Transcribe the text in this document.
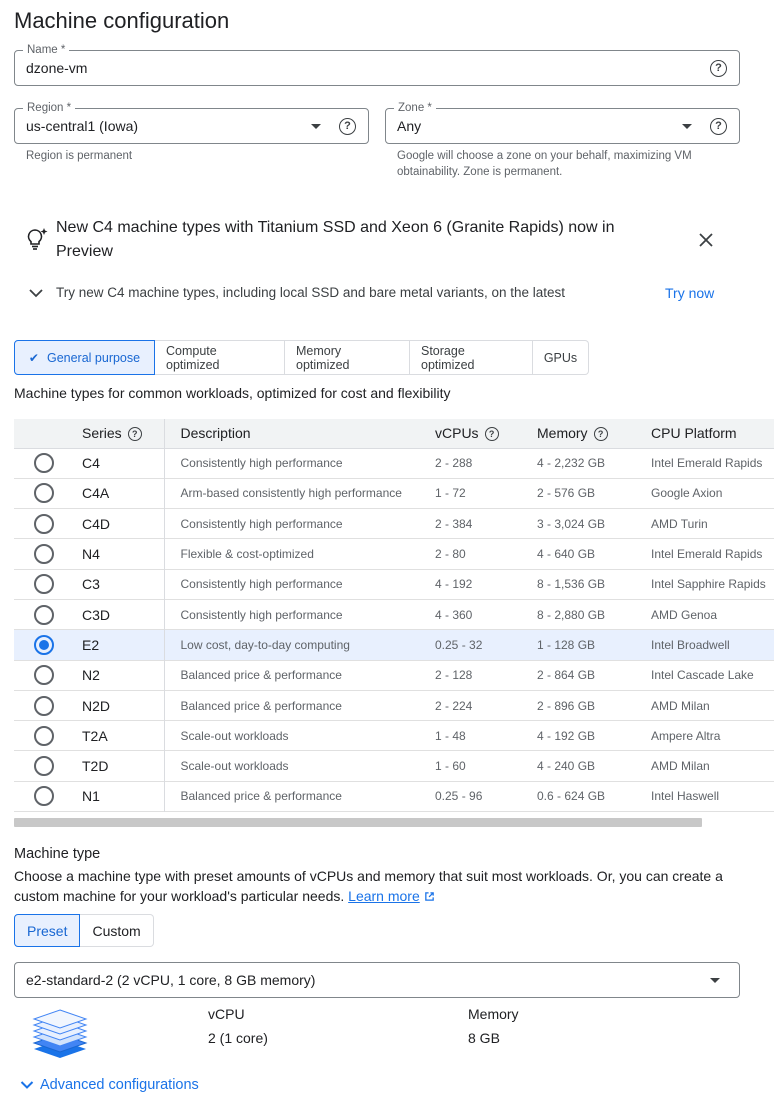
Machine configuration
Name *
dzone-vm	?
Region *
us-central1 (Iowa)	?
Region is permanent
Zone *
Any	?
Google will choose a zone on your behalf, maximizing VM obtainability. Zone is permanent.
New C4 machine types with Titanium SSD and Xeon 6 (Granite Rapids) now in Preview
Try new C4 machine types, including local SSD and bare metal variants, on the latest	Try now
✔ General purpose Compute optimized
Memory optimized
Storage optimized	GPUs
Machine types for common workloads, optimized for cost and flexibility
	Series ?	Description	vCPUs ?	Memory ?	CPU Platform

	C4	Consistently high performance	2 - 288	4 - 2,232 GB	Intel Emerald Rapids

	C4A	Arm-based consistently high performance	1 - 72	2 - 576 GB	Google Axion

	C4D	Consistently high performance	2 - 384	3 - 3,024 GB	AMD Turin

	N4	Flexible & cost-optimized	2 - 80	4 - 640 GB	Intel Emerald Rapids

	C3	Consistently high performance	4 - 192	8 - 1,536 GB	Intel Sapphire Rapids

	C3D	Consistently high performance	4 - 360	8 - 2,880 GB	AMD Genoa

	E2	Low cost, day-to-day computing	0.25 - 32	1 - 128 GB	Intel Broadwell

	N2	Balanced price & performance	2 - 128	2 - 864 GB	Intel Cascade Lake

	N2D	Balanced price & performance	2 - 224	2 - 896 GB	AMD Milan

	T2A	Scale-out workloads	1 - 48	4 - 192 GB	Ampere Altra

	T2D	Scale-out workloads	1 - 60	4 - 240 GB	AMD Milan

	N1	Balanced price & performance	0.25 - 96	0.6 - 624 GB	Intel Haswell
Machine type
Choose a machine type with preset amounts of vCPUs and memory that suit most workloads. Or, you can create a custom machine for your workload's particular needs. Learn more
Preset	Custom
e2-standard-2 (2 vCPU, 1 core, 8 GB memory)
vCPU
2 (1 core)
Memory
8 GB
Advanced configurations
